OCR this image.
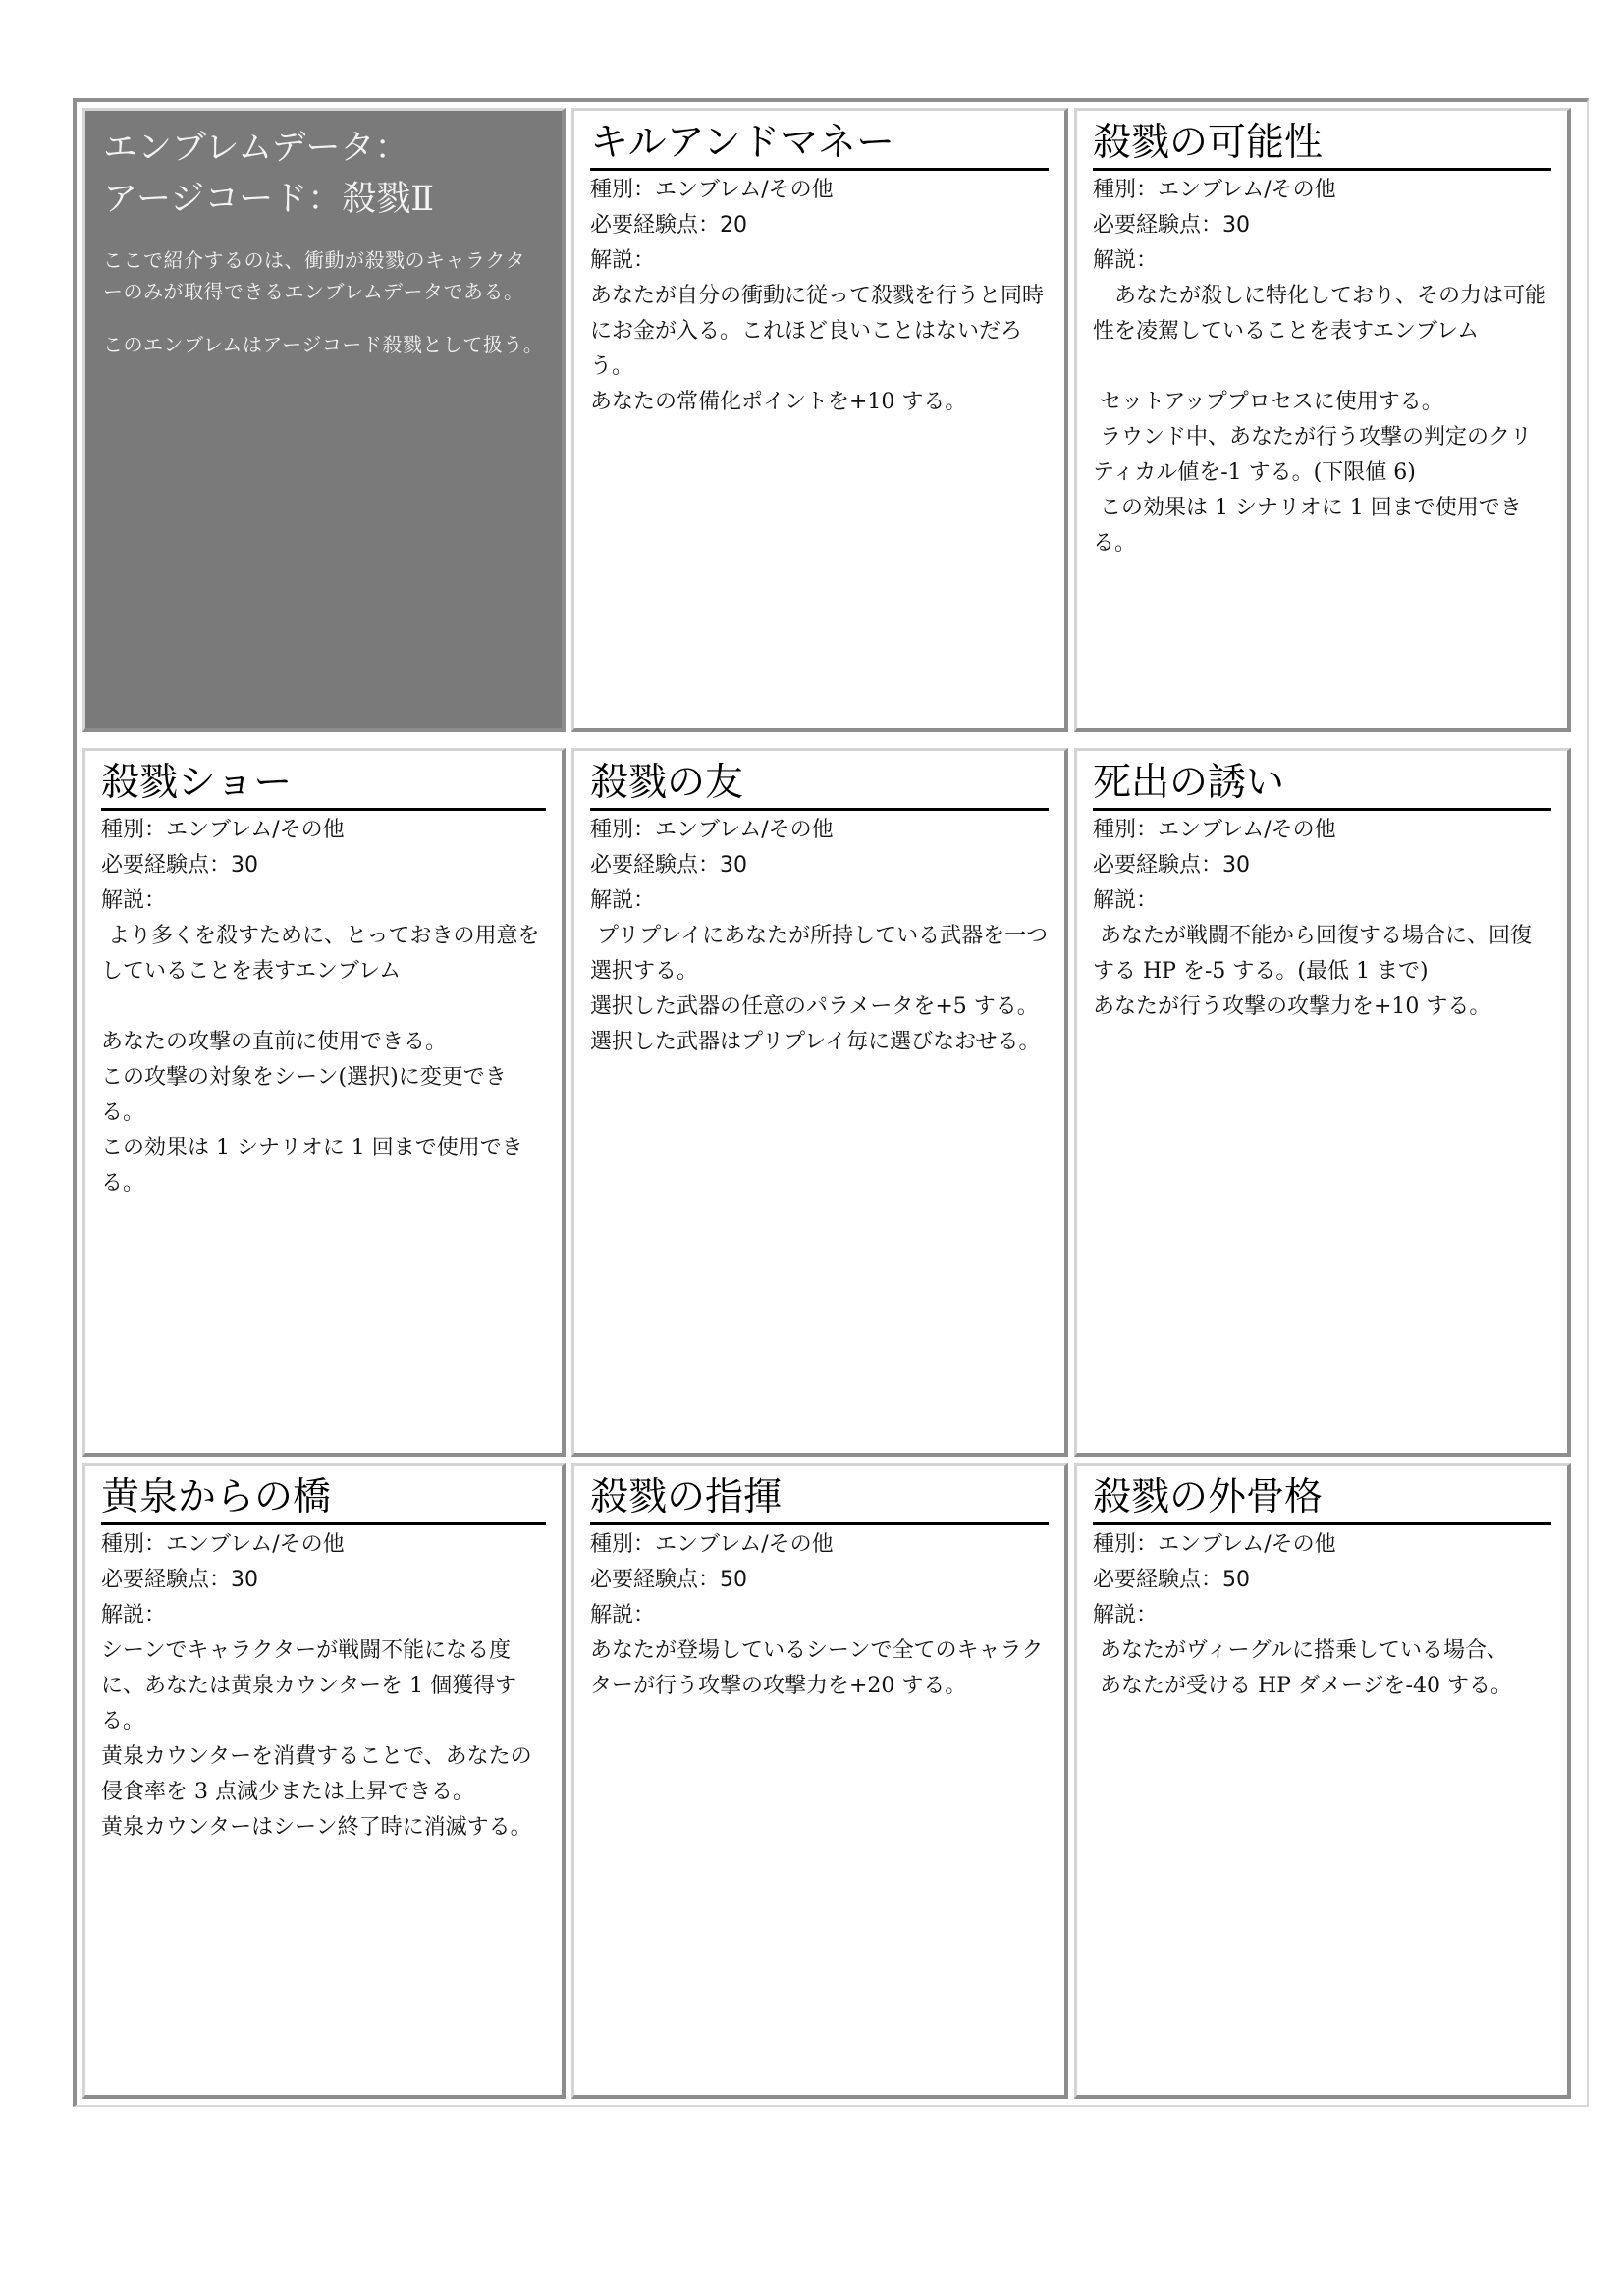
エンブレムデータ：
アージコード：殺戮Ⅱ

ここで紹介するのは、衝動が殺戮のキャラクターのみが取得できるエンブレムデータである。

このエンブレムはアージコード殺戮として扱う。

キルアンドマネー

種別：エンブレム/その他

必要経験点：20

解説：

あなたが自分の衝動に従って殺戮を行うと同時にお金が入る。これほど良いことはないだろう。
あなたの常備化ポイントを+10 する。

殺戮の可能性

種別：エンブレム/その他

必要経験点：30

解説：

　あなたが殺しに特化しており、その力は可能性を凌駕していることを表すエンブレム

セットアッププロセスに使用する。
ラウンド中、あなたが行う攻撃の判定のクリティカル値を-1 する。(下限値 6)
この効果は 1 シナリオに 1 回まで使用できる。

殺戮ショー

種別：エンブレム/その他

必要経験点：30

解説：

より多くを殺すために、とっておきの用意をしていることを表すエンブレム

あなたの攻撃の直前に使用できる。
この攻撃の対象をシーン(選択)に変更できる。
この効果は 1 シナリオに 1 回まで使用できる。

殺戮の友

種別：エンブレム/その他

必要経験点：30

解説：

プリプレイにあなたが所持している武器を一つ選択する。
選択した武器の任意のパラメータを+5 する。
選択した武器はプリプレイ毎に選びなおせる。

死出の誘い

種別：エンブレム/その他

必要経験点：30

解説：

あなたが戦闘不能から回復する場合に、回復する HP を-5 する。(最低 1 まで)
あなたが行う攻撃の攻撃力を+10 する。

黄泉からの橋

種別：エンブレム/その他

必要経験点：30

解説：

シーンでキャラクターが戦闘不能になる度に、あなたは黄泉カウンターを 1 個獲得する。
黄泉カウンターを消費することで、あなたの侵食率を 3 点減少または上昇できる。
黄泉カウンターはシーン終了時に消滅する。

殺戮の指揮

種別：エンブレム/その他

必要経験点：50

解説：

あなたが登場しているシーンで全てのキャラクターが行う攻撃の攻撃力を+20 する。

殺戮の外骨格

種別：エンブレム/その他

必要経験点：50

解説：

あなたがヴィーグルに搭乗している場合、
あなたが受ける HP ダメージを-40 する。
